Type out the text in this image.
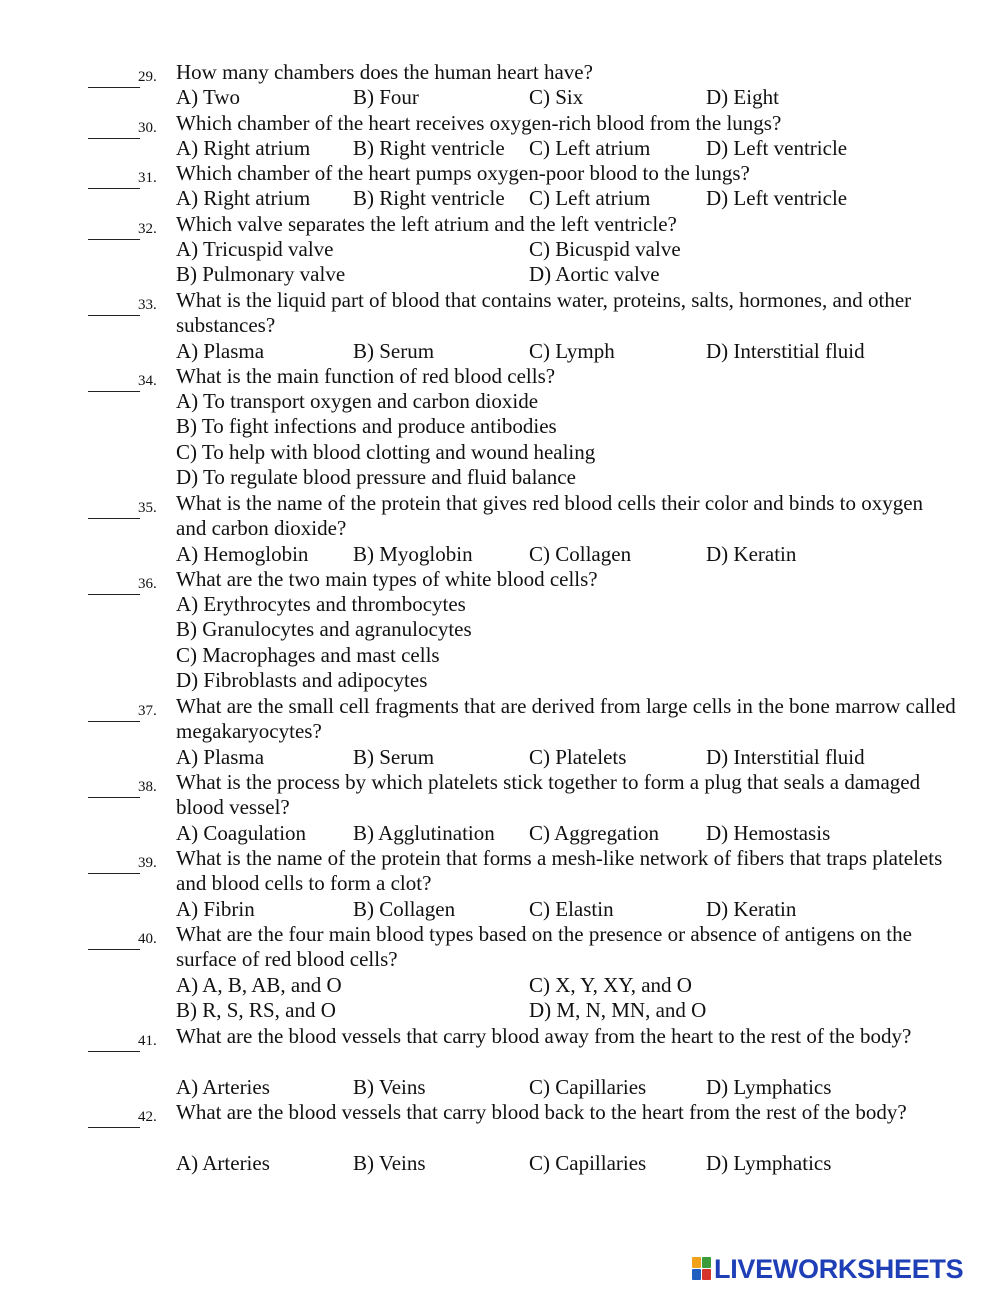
29. How many chambers does the human heart have?
A) Two	B) Four	C) Six	D) Eight
30. Which chamber of the heart receives oxygen-rich blood from the lungs?
A) Right atrium B) Right ventricle C) Left atrium	D) Left ventricle
31. Which chamber of the heart pumps oxygen-poor blood to the lungs?
A) Right atrium B) Right ventricle C) Left atrium	D) Left ventricle
32. Which valve separates the left atrium and the left ventricle?
A) Tricuspid valve
B) Pulmonary valve
C) Bicuspid valve
D) Aortic valve
33. What is the liquid part of blood that contains water, proteins, salts, hormones, and other substances?
A) Plasma	B) Serum	C) Lymph	D) Interstitial fluid
34. What is the main function of red blood cells?
A) To transport oxygen and carbon dioxide
B) To fight infections and produce antibodies
C) To help with blood clotting and wound healing
D) To regulate blood pressure and fluid balance
35. What is the name of the protein that gives red blood cells their color and binds to oxygen and carbon dioxide?
A) Hemoglobin B) Myoglobin	C) Collagen	D) Keratin
36. What are the two main types of white blood cells?
A) Erythrocytes and thrombocytes
B) Granulocytes and agranulocytes
C) Macrophages and mast cells
D) Fibroblasts and adipocytes
37. What are the small cell fragments that are derived from large cells in the bone marrow called megakaryocytes?
A) Plasma	B) Serum	C) Platelets	D) Interstitial fluid
38. What is the process by which platelets stick together to form a plug that seals a damaged blood vessel?
A) Coagulation B) Agglutination C) Aggregation D) Hemostasis
39. What is the name of the protein that forms a mesh-like network of fibers that traps platelets and blood cells to form a clot?
A) Fibrin	B) Collagen	C) Elastin	D) Keratin
40. What are the four main blood types based on the presence or absence of antigens on the surface of red blood cells?
A) A, B, AB, and O
B) R, S, RS, and O
C) X, Y, XY, and O
D) M, N, MN, and O
41. What are the blood vessels that carry blood away from the heart to the rest of the body?
A) Arteries	B) Veins	C) Capillaries	D) Lymphatics
42. What are the blood vessels that carry blood back to the heart from the rest of the body?
A) Arteries	B) Veins	C) Capillaries	D) Lymphatics
LIVEWORKSHEETS
